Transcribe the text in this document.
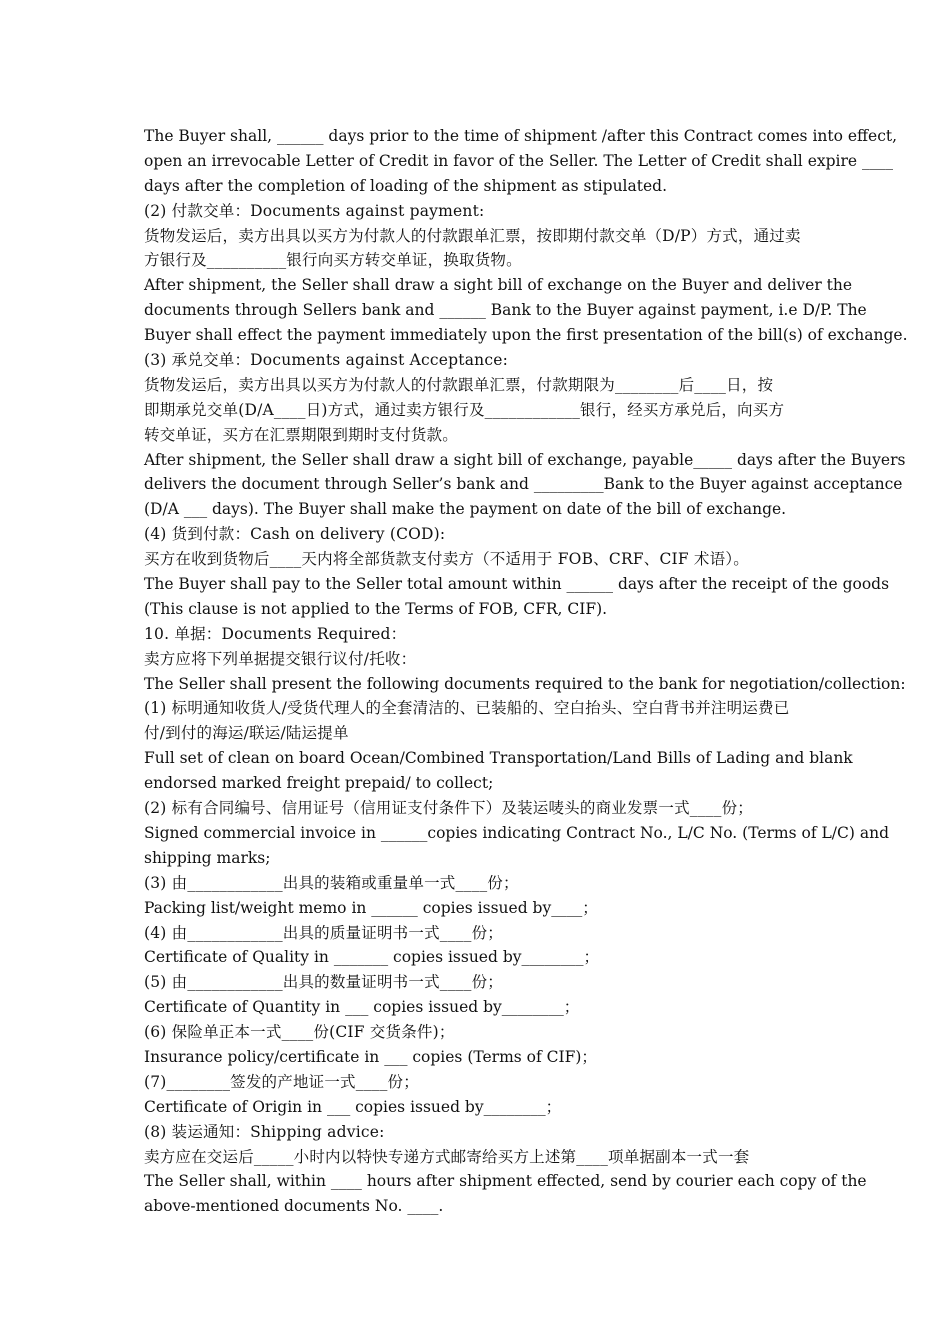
The Buyer shall, ______ days prior to the time of shipment /after this Contract comes into effect,
open an irrevocable Letter of Credit in favor of the Seller. The Letter of Credit shall expire ____
days after the completion of loading of the shipment as stipulated.
(2) 付款交单：Documents against payment:
货物发运后，卖方出具以买方为付款人的付款跟单汇票，按即期付款交单（D/P）方式，通过卖
方银行及__________银行向买方转交单证，换取货物。
After shipment, the Seller shall draw a sight bill of exchange on the Buyer and deliver the
documents through Sellers bank and ______ Bank to the Buyer against payment, i.e D/P. The
Buyer shall effect the payment immediately upon the first presentation of the bill(s) of exchange.
(3) 承兑交单：Documents against Acceptance:
货物发运后，卖方出具以买方为付款人的付款跟单汇票，付款期限为________后____日，按
即期承兑交单(D/A____日)方式，通过卖方银行及____________银行，经买方承兑后，向买方
转交单证，买方在汇票期限到期时支付货款。
After shipment, the Seller shall draw a sight bill of exchange, payable_____ days after the Buyers
delivers the document through Seller’s bank and _________Bank to the Buyer against acceptance
(D/A ___ days). The Buyer shall make the payment on date of the bill of exchange.
(4) 货到付款：Cash on delivery (COD):
买方在收到货物后____天内将全部货款支付卖方（不适用于 FOB、CRF、CIF 术语）。
The Buyer shall pay to the Seller total amount within ______ days after the receipt of the goods
(This clause is not applied to the Terms of FOB, CFR, CIF).
10. 单据：Documents Required：
卖方应将下列单据提交银行议付/托收：
The Seller shall present the following documents required to the bank for negotiation/collection:
(1) 标明通知收货人/受货代理人的全套清洁的、已装船的、空白抬头、空白背书并注明运费已
付/到付的海运/联运/陆运提单
Full set of clean on board Ocean/Combined Transportation/Land Bills of Lading and blank
endorsed marked freight prepaid/ to collect;
(2) 标有合同编号、信用证号（信用证支付条件下）及装运唛头的商业发票一式____份；
Signed commercial invoice in ______copies indicating Contract No., L/C No. (Terms of L/C) and
shipping marks;
(3) 由____________出具的装箱或重量单一式____份；
Packing list/weight memo in ______ copies issued by____；
(4) 由____________出具的质量证明书一式____份；
Certificate of Quality in _______ copies issued by________；
(5) 由____________出具的数量证明书一式____份；
Certificate of Quantity in ___ copies issued by________；
(6) 保险单正本一式____份(CIF 交货条件)；
Insurance policy/certificate in ___ copies (Terms of CIF)；
(7)________签发的产地证一式____份；
Certificate of Origin in ___ copies issued by________；
(8) 装运通知：Shipping advice:
卖方应在交运后_____小时内以特快专递方式邮寄给买方上述第____项单据副本一式一套
The Seller shall, within ____ hours after shipment effected, send by courier each copy of the
above-mentioned documents No. ____.
